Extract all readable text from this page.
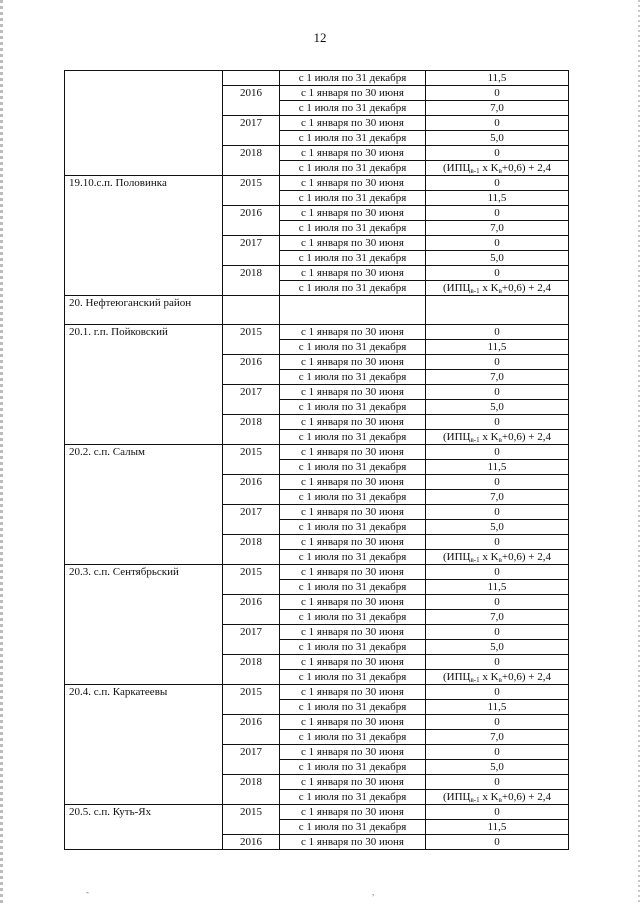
12
		с 1 июля по 31 декабря	11,5
	2016	с 1 января по 30 июня	0
		с 1 июля по 31 декабря	7,0
	2017	с 1 января по 30 июня	0
		с 1 июля по 31 декабря	5,0
	2018	с 1 января по 30 июня	0
		с 1 июля по 31 декабря	($ИПЦ_{в-1}$ x $K_в+0,6) + 2,4$
19.10.с.п. Половинка	2015	с 1 января по 30 июня	0
		с 1 июля по 31 декабря	11,5
	2016	с 1 января по 30 июня	0
		с 1 июля по 31 декабря	7,0
	2017	с 1 января по 30 июня	0
		с 1 июля по 31 декабря	5,0
	2018	с 1 января по 30 июня	0
		с 1 июля по 31 декабря	($ИПЦ_{в-1}$ x $K_в+0,6) + 2,4$
20. Нефтеюганский район			
20.1. г.п. Пойковский	2015	с 1 января по 30 июня	0
		с 1 июля по 31 декабря	11,5
	2016	с 1 января по 30 июня	0
		с 1 июля по 31 декабря	7,0
	2017	с 1 января по 30 июня	0
		с 1 июля по 31 декабря	5,0
	2018	с 1 января по 30 июня	0
		с 1 июля по 31 декабря	($ИПЦ_{в-1}$ x $K_в+0,6) + 2,4$
20.2. с.п. Салым	2015	с 1 января по 30 июня	0
		с 1 июля по 31 декабря	11,5
	2016	с 1 января по 30 июня	0
		с 1 июля по 31 декабря	7,0
	2017	с 1 января по 30 июня	0
		с 1 июля по 31 декабря	5,0
	2018	с 1 января по 30 июня	0
		с 1 июля по 31 декабря	($ИПЦ_{в-1}$ x $K_в+0,6) + 2,4$
20.3. с.п. Сентябрьский	2015	с 1 января по 30 июня	0
		с 1 июля по 31 декабря	11,5
	2016	с 1 января по 30 июня	0
		с 1 июля по 31 декабря	7,0
	2017	с 1 января по 30 июня	0
		с 1 июля по 31 декабря	5,0
	2018	с 1 января по 30 июня	0
		с 1 июля по 31 декабря	($ИПЦ_{в-1}$ x $K_в+0,6) + 2,4$
20.4. с.п. Каркатеевы	2015	с 1 января по 30 июня	0
		с 1 июля по 31 декабря	11,5
	2016	с 1 января по 30 июня	0
		с 1 июля по 31 декабря	7,0
	2017	с 1 января по 30 июня	0
		с 1 июля по 31 декабря	5,0
	2018	с 1 января по 30 июня	0
		с 1 июля по 31 декабря	($ИПЦ_{в-1}$ x $K_в+0,6) + 2,4$
20.5. с.п. Куть-Ях	2015	с 1 января по 30 июня	0
		с 1 июля по 31 декабря	11,5
	2016	с 1 января по 30 июня	0
-	,
